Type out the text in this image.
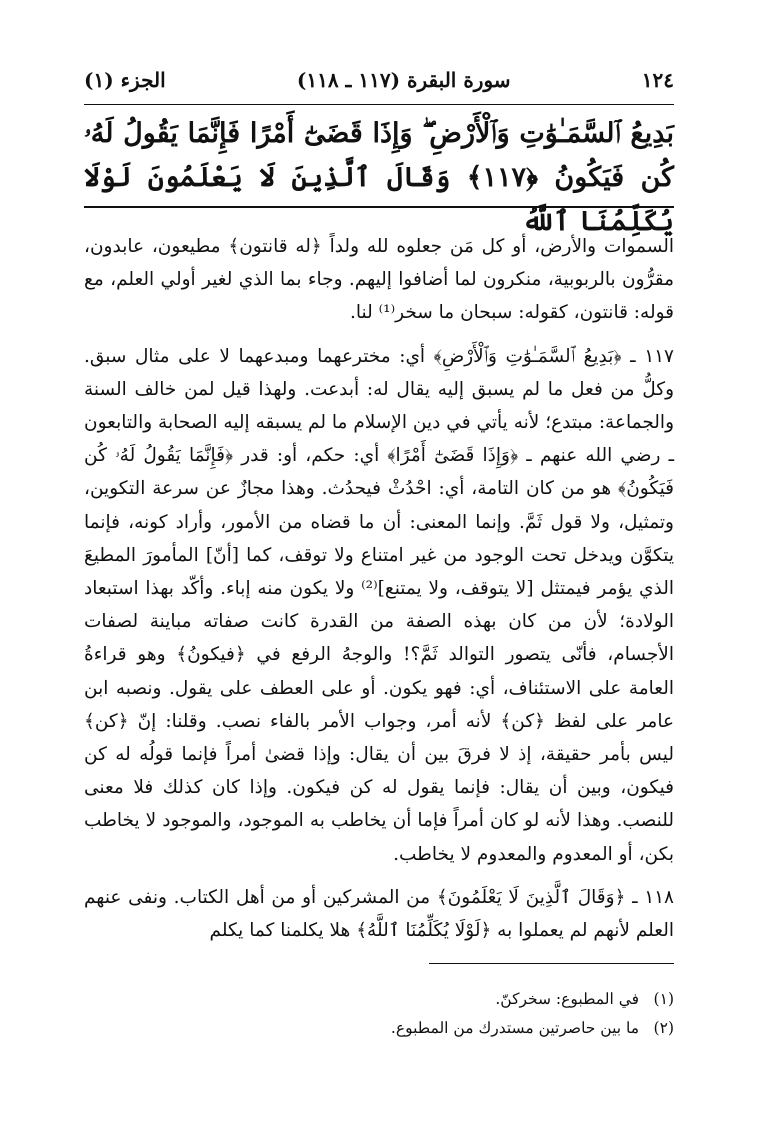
١٢٤
سورة البقرة (١١٧ ـ ١١٨)
الجزء (١)
بَدِيعُ ٱلسَّمَـٰوَٰتِ وَٱلْأَرْضِ ۖ وَإِذَا قَضَىٰٓ أَمْرًا فَإِنَّمَا يَقُولُ لَهُۥ كُن فَيَكُونُ ﴿١١٧﴾ وَقَالَ ٱلَّذِينَ لَا يَعْلَمُونَ لَوْلَا يُكَلِّمُنَا ٱللَّهُ

السموات والأرض، أو كل مَن جعلوه لله ولداً ﴿له قانتون﴾ مطيعون، عابدون، مقرُّون بالربوبية، منكرون لما أضافوا إليهم. وجاء بما الذي لغير أولي العلم، مع قوله: قانتون، كقوله: سبحان ما سخر⁽¹⁾ لنا.

١١٧ ـ ﴿بَدِيعُ ٱلسَّمَـٰوَٰتِ وَٱلْأَرْضِ﴾ أي: مخترعهما ومبدعهما لا على مثال سبق. وكلُّ من فعل ما لم يسبق إليه يقال له: أبدعت. ولهذا قيل لمن خالف السنة والجماعة: مبتدع؛ لأنه يأتي في دين الإسلام ما لم يسبقه إليه الصحابة والتابعون ـ رضي الله عنهم ـ ﴿وَإِذَا قَضَىٰٓ أَمْرًا﴾ أي: حكم، أو: قدر ﴿فَإِنَّمَا يَقُولُ لَهُۥ كُن فَيَكُونُ﴾ هو من كان التامة، أي: احْدُثْ فيحدُث. وهذا مجازٌ عن سرعة التكوين، وتمثيل، ولا قول ثَمَّ. وإنما المعنى: أن ما قضاه من الأمور، وأراد كونه، فإنما يتكوَّن ويدخل تحت الوجود من غير امتناع ولا توقف، كما [أنّ] المأمورَ المطيعَ الذي يؤمر فيمتثل [لا يتوقف، ولا يمتنع]⁽²⁾ ولا يكون منه إباء. وأكّد بهذا استبعاد الولادة؛ لأن من كان بهذه الصفة من القدرة كانت صفاته مباينة لصفات الأجسام، فأنّى يتصور التوالد ثَمَّ؟! والوجهُ الرفع في ﴿فيكونُ﴾ وهو قراءةُ العامة على الاستئناف، أي: فهو يكون. أو على العطف على يقول. ونصبه ابن عامر على لفظ ﴿كن﴾ لأنه أمر، وجواب الأمر بالفاء نصب. وقلنا: إنّ ﴿كن﴾ ليس بأمر حقيقة، إذ لا فرقَ بين أن يقال: وإذا قضىٰ أمراً فإنما قولُه له كن فيكون، وبين أن يقال: فإنما يقول له كن فيكون. وإذا كان كذلك فلا معنى للنصب. وهذا لأنه لو كان أمراً فإما أن يخاطب به الموجود، والموجود لا يخاطب بكن، أو المعدوم والمعدوم لا يخاطب.

١١٨ ـ ﴿وَقَالَ ٱلَّذِينَ لَا يَعْلَمُونَ﴾ من المشركين أو من أهل الكتاب. ونفى عنهم العلم لأنهم لم يعملوا به ﴿لَوْلَا يُكَلِّمُنَا ٱللَّهُ﴾ هلا يكلمنا كما يكلم

(١) في المطبوع: سخركنّ.
(٢) ما بين حاصرتين مستدرك من المطبوع.
